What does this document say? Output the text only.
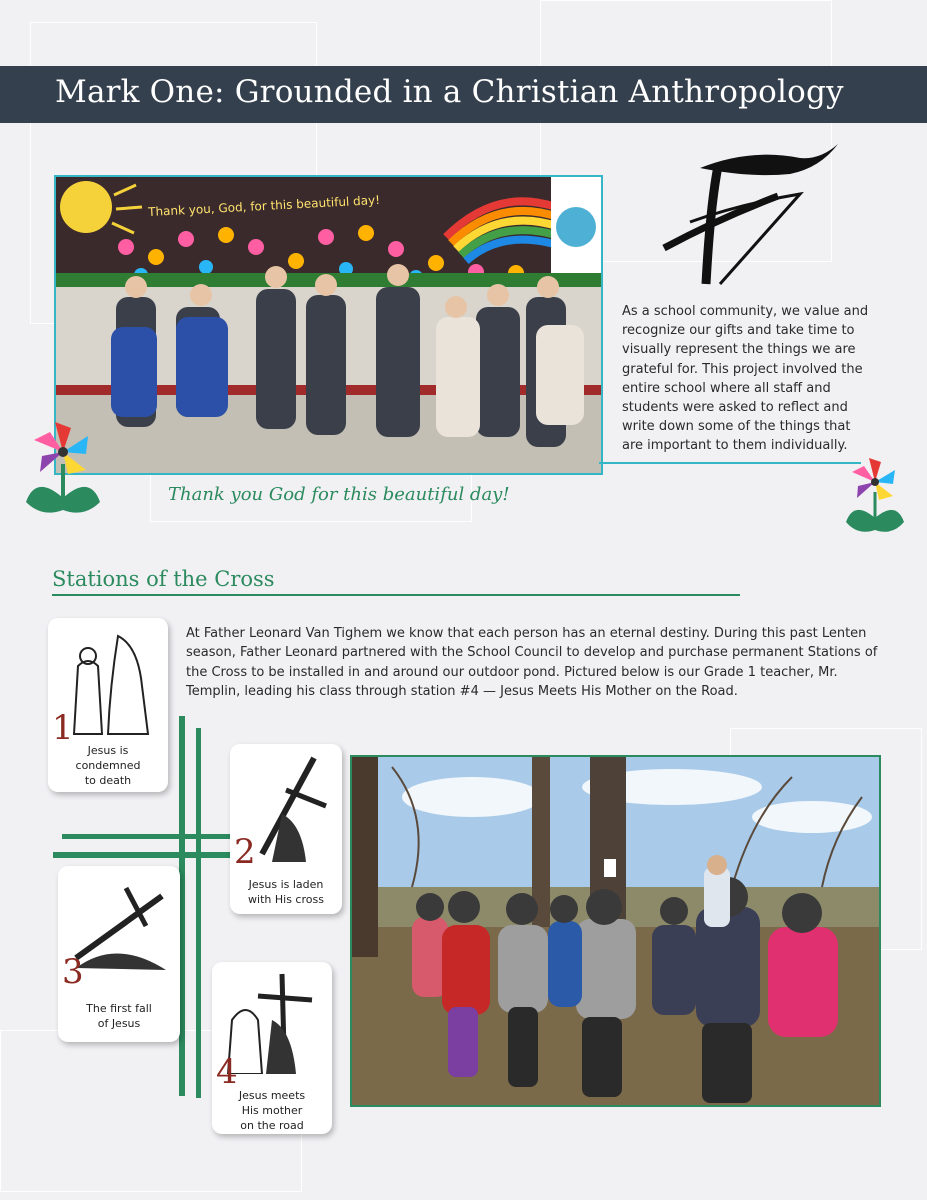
Mark One: Grounded in a Christian Anthropology
Thank you, God, for this beautiful day!
As a school community, we value and recognize our gifts and take time to visually represent the things we are grateful for. This project involved the entire school where all staff and students were asked to reflect and write down some of the things that are important to them individually.
Thank you God for this beautiful day!
Stations of the Cross
At Father Leonard Van Tighem we know that each person has an eternal destiny. During this past Lenten season, Father Leonard partnered with the School Council to develop and purchase permanent Stations of the Cross to be installed in and around our outdoor pond. Pictured below is our Grade 1 teacher, Mr. Templin, leading his class through station #4 — Jesus Meets His Mother on the Road.
1
Jesus is
condemned
to death
2
Jesus is laden
with His cross
3
The first fall
of Jesus
4
Jesus meets
His mother
on the road
